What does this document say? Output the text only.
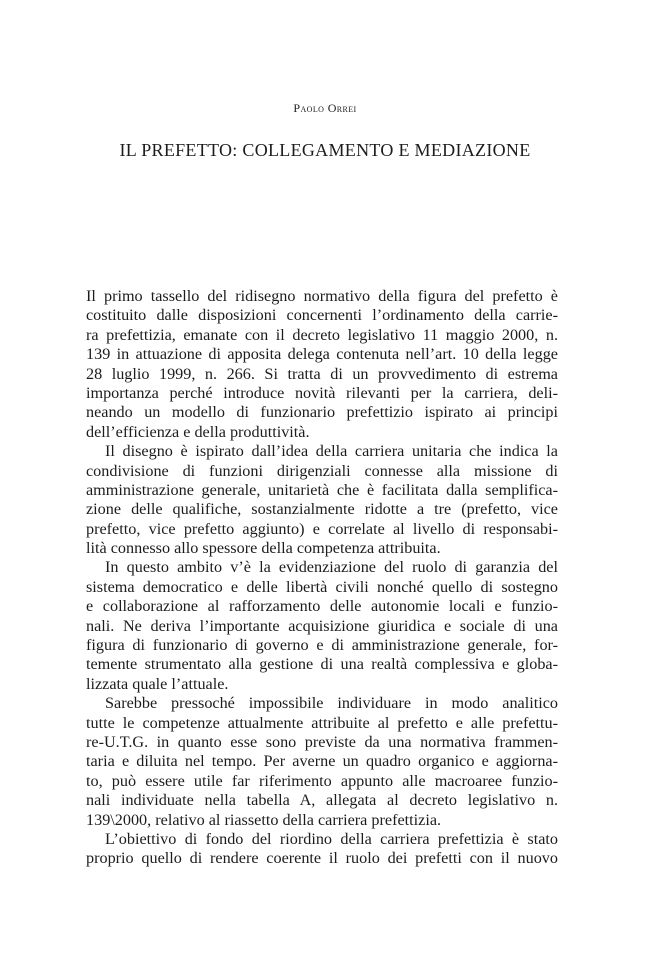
Paolo Orrei
IL PREFETTO: COLLEGAMENTO E MEDIAZIONE
Il primo tassello del ridisegno normativo della figura del prefetto è
costituito dalle disposizioni concernenti l’ordinamento della carrie-
ra prefettizia, emanate con il decreto legislativo 11 maggio 2000, n.
139 in attuazione di apposita delega contenuta nell’art. 10 della legge
28 luglio 1999, n. 266. Si tratta di un provvedimento di estrema
importanza perché introduce novità rilevanti per la carriera, deli-
neando un modello di funzionario prefettizio ispirato ai principi
dell’efficienza e della produttività.
Il disegno è ispirato dall’idea della carriera unitaria che indica la
condivisione di funzioni dirigenziali connesse alla missione di
amministrazione generale, unitarietà che è facilitata dalla semplifica-
zione delle qualifiche, sostanzialmente ridotte a tre (prefetto, vice
prefetto, vice prefetto aggiunto) e correlate al livello di responsabi-
lità connesso allo spessore della competenza attribuita.
In questo ambito v’è la evidenziazione del ruolo di garanzia del
sistema democratico e delle libertà civili nonché quello di sostegno
e collaborazione al rafforzamento delle autonomie locali e funzio-
nali. Ne deriva l’importante acquisizione giuridica e sociale di una
figura di funzionario di governo e di amministrazione generale, for-
temente strumentato alla gestione di una realtà complessiva e globa-
lizzata quale l’attuale.
Sarebbe pressoché impossibile individuare in modo analitico
tutte le competenze attualmente attribuite al prefetto e alle prefettu-
re-U.T.G. in quanto esse sono previste da una normativa frammen-
taria e diluita nel tempo. Per averne un quadro organico e aggiorna-
to, può essere utile far riferimento appunto alle macroaree funzio-
nali individuate nella tabella A, allegata al decreto legislativo n.
139\2000, relativo al riassetto della carriera prefettizia.
L’obiettivo di fondo del riordino della carriera prefettizia è stato
proprio quello di rendere coerente il ruolo dei prefetti con il nuovo
